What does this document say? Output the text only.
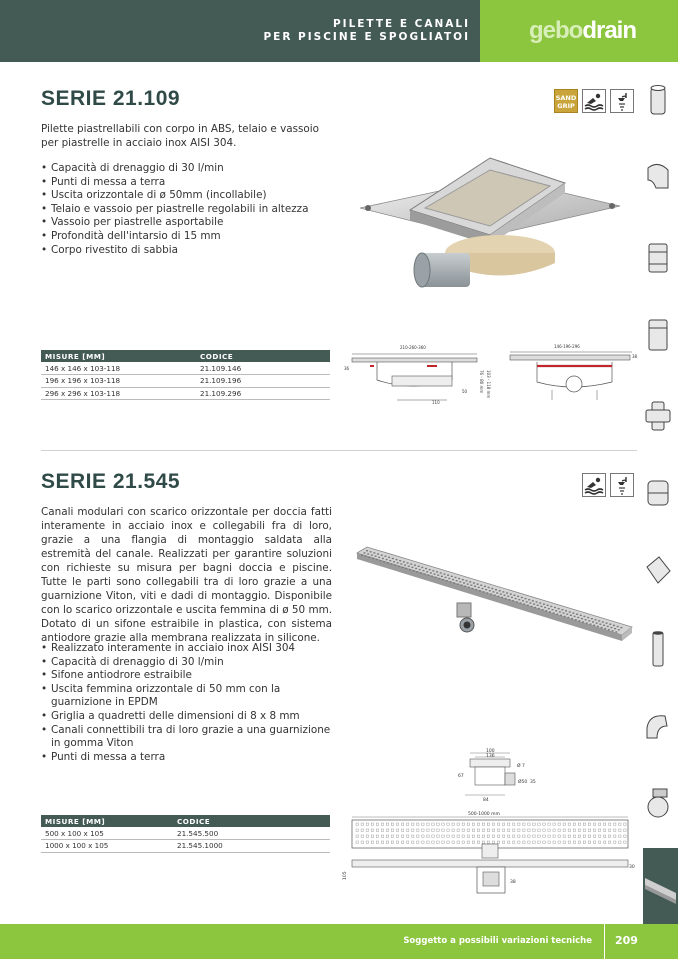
PILETTE E CANALI
PER PISCINE E SPOGLIATOI gebodrain
SERIE 21.109	SAND
GRIP
Pilette piastrellabili con corpo in ABS, telaio e vassoio per piastrelle in acciaio inox AISI 304.
• Capacità di drenaggio di 30 l/min
• Punti di messa a terra
• Uscita orizzontale di ø 50mm (incollabile)
• Telaio e vassoio per piastrelle regolabili in altezza
• Vassoio per piastrelle asportabile
• Profondità dell'intarsio di 15 mm
• Corpo rivestito di sabbia
MISURE [MM]	CODICE
146 x 146 x 103-118	21.109.146
196 x 196 x 103-118	21.109.196
296 x 296 x 103-118	21.109.296
210-260-360
36
76 - 80 mm 103 - 118 mm
50
110
146-196-296
38
SERIE 21.545
Canali modulari con scarico orizzontale per doccia fatti interamente in acciaio inox e collegabili fra di loro, grazie a una flangia di montaggio saldata alla estremità del canale. Realizzati per garantire soluzioni con richieste su misura per bagni doccia e piscine. Tutte le parti sono collegabili tra di loro grazie a una guarnizione Viton, viti e dadi di montaggio. Disponibile con lo scarico orizzontale e uscita femmina di ø 50 mm. Dotato di un sifone estraibile in plastica, con sistema antiodore grazie alla membrana realizzata in silicone.
• Realizzato interamente in acciaio inox AISI 304
• Capacità di drenaggio di 30 l/min
• Sifone antiodrore estraibile
• Uscita femmina orizzontale di 50 mm con la guarnizione in EPDM
• Griglia a quadretti delle dimensioni di 8 x 8 mm
• Canali connettibili tra di loro grazie a una guarnizione in gomma Viton
• Punti di messa a terra	100
136
Ø 7
Ø50 35
67
84
MISURE [MM]	CODICE
500 x 100 x 105	21.545.500
1000 x 100 x 105	21.545.1000
500-1000 mm
30
105
38
Soggetto a possibili variazioni tecniche 209
